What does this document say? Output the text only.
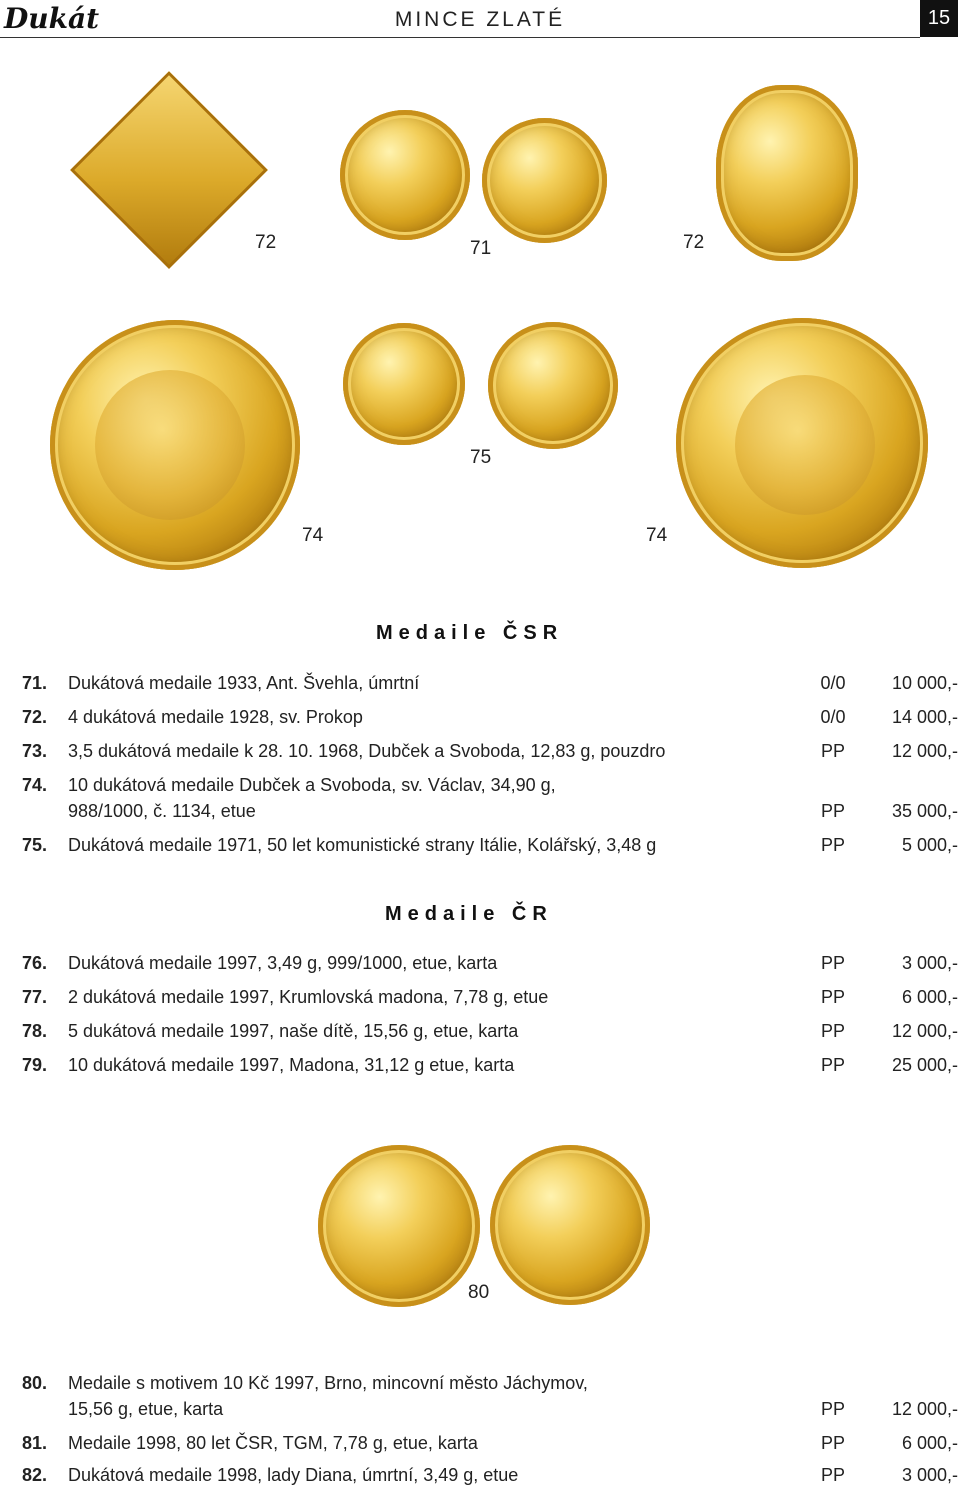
Dukát	MINCE ZLATÉ	15
72	71	72
75
74	74
Medaile ČSR
71. Dukátová medaile 1933, Ant. Švehla, úmrtní	0/0	10 000,-
72. 4 dukátová medaile 1928, sv. Prokop	0/0	14 000,-
73. 3,5 dukátová medaile k 28. 10. 1968, Dubček a Svoboda, 12,83 g, pouzdro	PP	12 000,-
74. 10 dukátová medaile Dubček a Svoboda, sv. Václav, 34,90 g,
988/1000, č. 1134, etue	PP	35 000,-
75. Dukátová medaile 1971, 50 let komunistické strany Itálie, Kolářský, 3,48 g	PP	5 000,-
Medaile ČR
76. Dukátová medaile 1997, 3,49 g, 999/1000, etue, karta	PP	3 000,-
77. 2 dukátová medaile 1997, Krumlovská madona, 7,78 g, etue	PP	6 000,-
78. 5 dukátová medaile 1997, naše dítě, 15,56 g, etue, karta	PP	12 000,-
79. 10 dukátová medaile 1997, Madona, 31,12 g etue, karta	PP	25 000,-
80
80. Medaile s motivem 10 Kč 1997, Brno, mincovní město Jáchymov,
15,56 g, etue, karta	PP	12 000,-
81. Medaile 1998, 80 let ČSR, TGM, 7,78 g, etue, karta	PP	6 000,-
82. Dukátová medaile 1998, lady Diana, úmrtní, 3,49 g, etue	PP	3 000,-
